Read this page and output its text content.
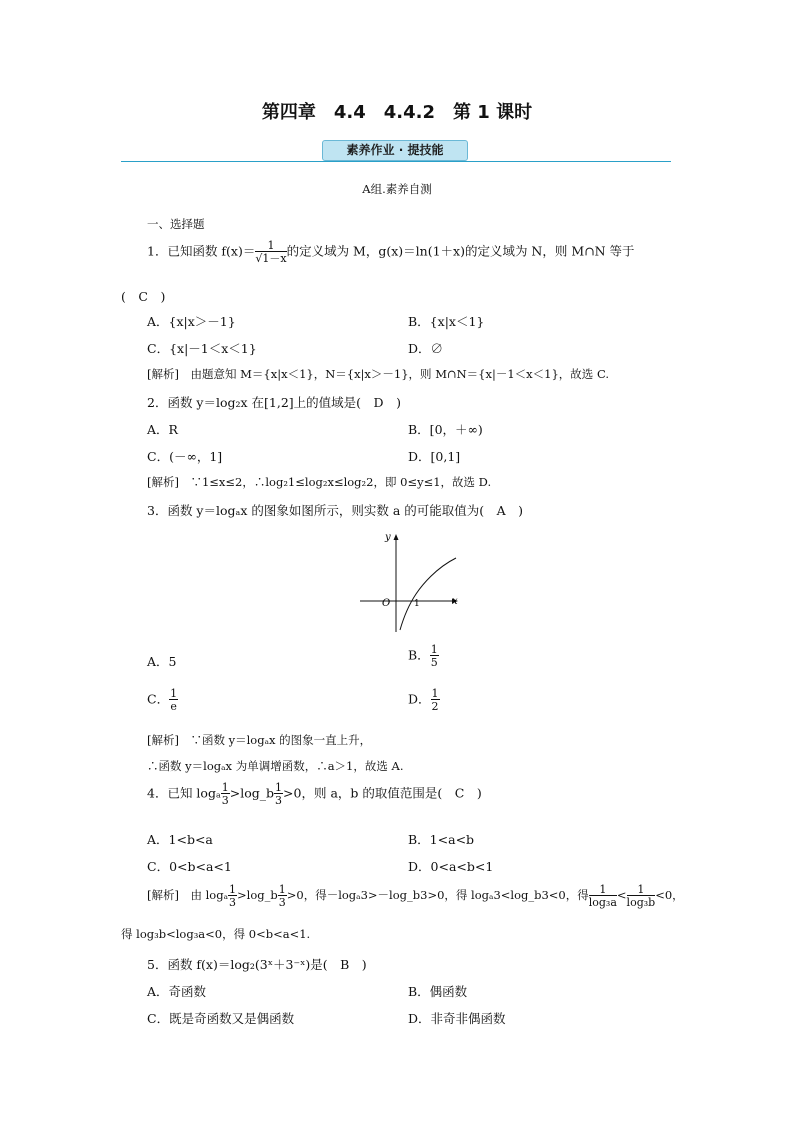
第四章　4.4　4.4.2　第 1 课时
素养作业 · 提技能
A组.素养自测
一、选择题
1．已知函数 $f(x)= \frac{1}{√1-x}$ 的定义域为 M，g(x)＝ln(1＋x)的定义域为 N，则 M∩N 等于
(　C　)
A．{x|x＞－1}	B．{x|x＜1}
C．{x|－1＜x＜1}	D．∅
[解析]　由题意知 M＝{x|x＜1}，N＝{x|x＞－1}，则 M∩N＝{x|－1＜x＜1}，故选 C.
2．函数 y＝log₂x 在[1,2]上的值域是(　D　)
A．R	B．[0，＋∞)
C．(－∞，1]	D．[0,1]
[解析]　∵1≤x≤2，∴log₂1≤log₂x≤log₂2，即 0≤y≤1，故选 D.
3．函数 y＝logₐx 的图象如图所示，则实数 a 的可能取值为(　A　)
y
x
O	1
A．5	B． $\frac{1}{5}$
C． $\frac{1}{e}$	D． $\frac{1}{2}$
[解析]　∵函数 y＝logₐx 的图象一直上升，
∴函数 y＝logₐx 为单调增函数，∴a＞1，故选 A.
4．已知 logₐ $\frac{1}{3}$ >log_b $\frac{1}{3} >0$，则 a，b 的取值范围是(　C　)
A．1<b<a	B．1<a<b
C．0<b<a<1	D．0<a<b<1
[解析]　由 logₐ $\frac{1}{3}$ >log_b $\frac{1}{3} >0$，得－logₐ3>－log_b3>0，得 logₐ3<log_b3<0，得 $\frac{1}{\text{log₃a}} < \frac{1}{\text{log₃b}} <0$，
得 log₃b<log₃a<0，得 0<b<a<1.
5．函数 f(x)＝log₂(3ˣ＋3⁻ˣ)是(　B　)
A．奇函数	B．偶函数
C．既是奇函数又是偶函数	D．非奇非偶函数
